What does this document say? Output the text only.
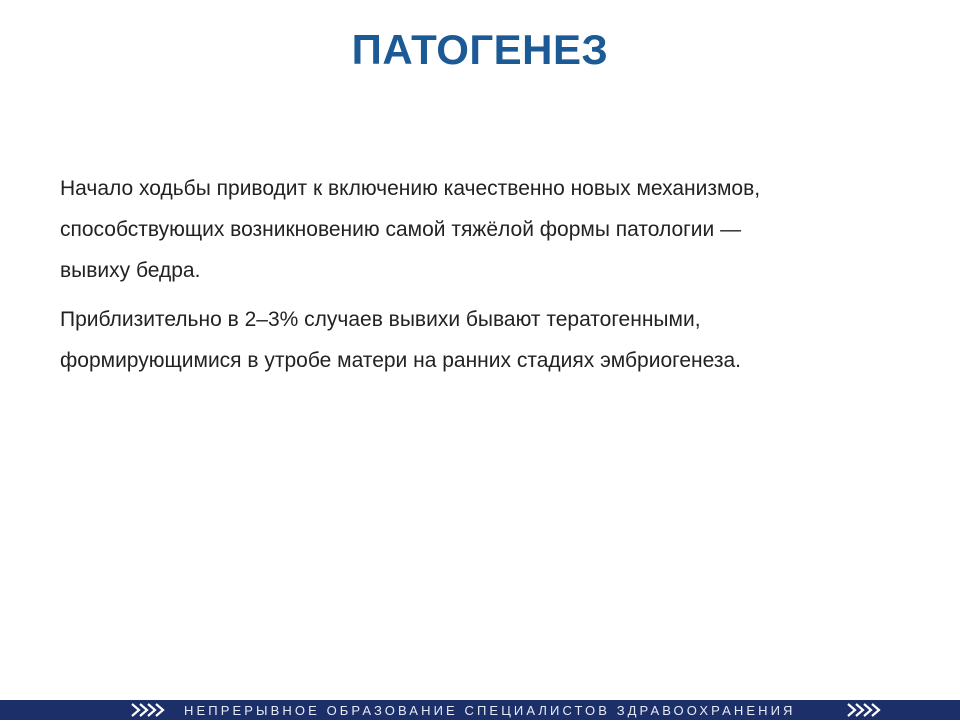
ПАТОГЕНЕЗ

Начало ходьбы приводит к включению качественно новых механизмов,
способствующих возникновению самой тяжёлой формы патологии —
вывиху бедра.

Приблизительно в 2–3% случаев вывихи бывают тератогенными,
формирующимися в утробе матери на ранних стадиях эмбриогенеза.

НЕПРЕРЫВНОЕ ОБРАЗОВАНИЕ СПЕЦИАЛИСТОВ ЗДРАВООХРАНЕНИЯ
